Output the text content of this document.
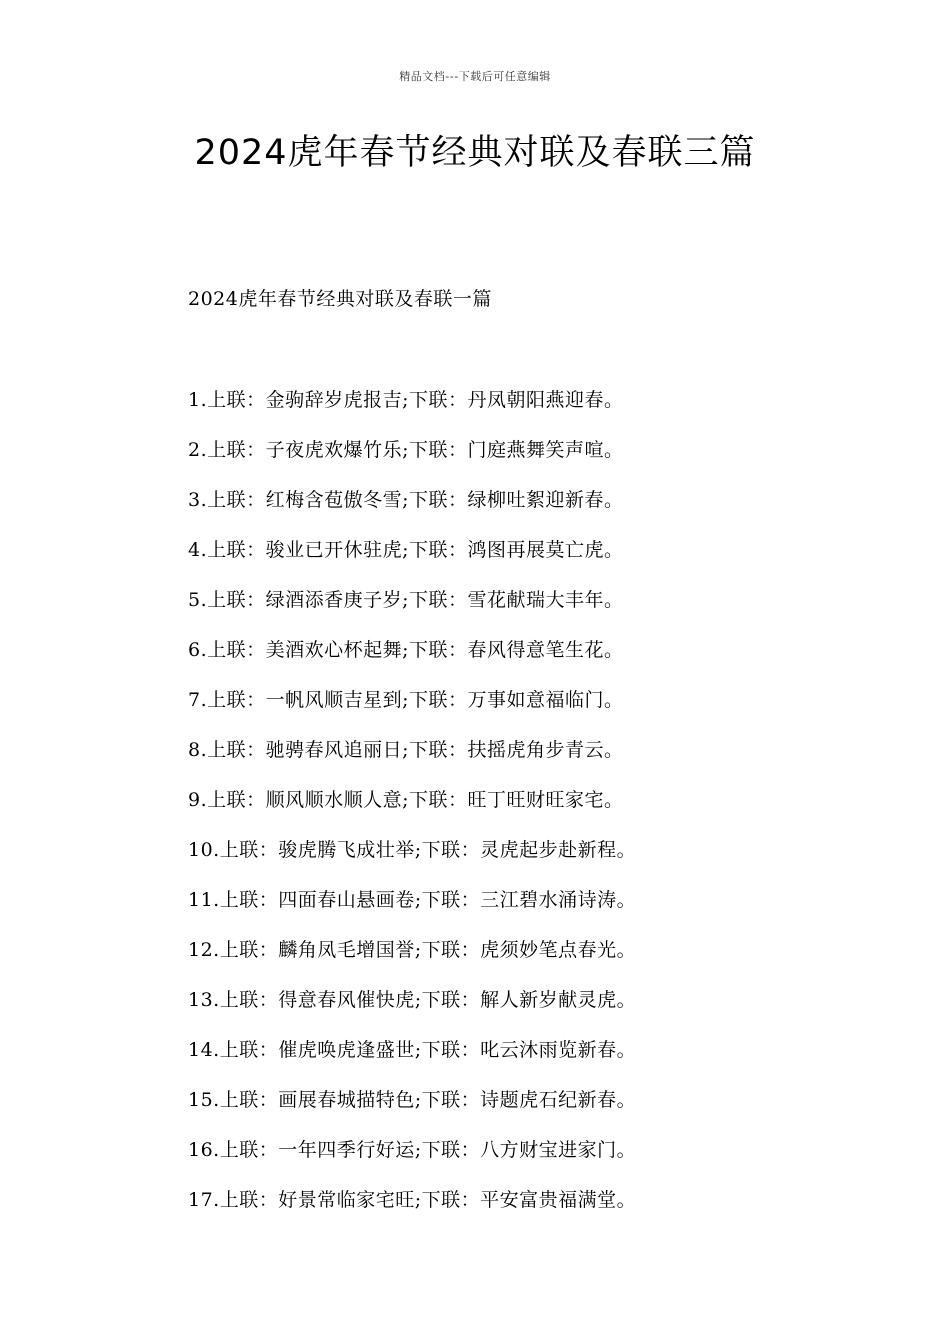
精品文档---下载后可任意编辑
2024虎年春节经典对联及春联三篇
2024虎年春节经典对联及春联一篇
1.上联：金驹辞岁虎报吉;下联：丹凤朝阳燕迎春。
2.上联：子夜虎欢爆竹乐;下联：门庭燕舞笑声喧。
3.上联：红梅含苞傲冬雪;下联：绿柳吐絮迎新春。
4.上联：骏业已开休驻虎;下联：鸿图再展莫亡虎。
5.上联：绿酒添香庚子岁;下联：雪花献瑞大丰年。
6.上联：美酒欢心杯起舞;下联：春风得意笔生花。
7.上联：一帆风顺吉星到;下联：万事如意福临门。
8.上联：驰骋春风追丽日;下联：扶摇虎角步青云。
9.上联：顺风顺水顺人意;下联：旺丁旺财旺家宅。
10.上联：骏虎腾飞成壮举;下联：灵虎起步赴新程。
11.上联：四面春山悬画卷;下联：三江碧水涌诗涛。
12.上联：麟角凤毛增国誉;下联：虎须妙笔点春光。
13.上联：得意春风催快虎;下联：解人新岁献灵虎。
14.上联：催虎唤虎逢盛世;下联：叱云沐雨览新春。
15.上联：画展春城描特色;下联：诗题虎石纪新春。
16.上联：一年四季行好运;下联：八方财宝进家门。
17.上联：好景常临家宅旺;下联：平安富贵福满堂。
